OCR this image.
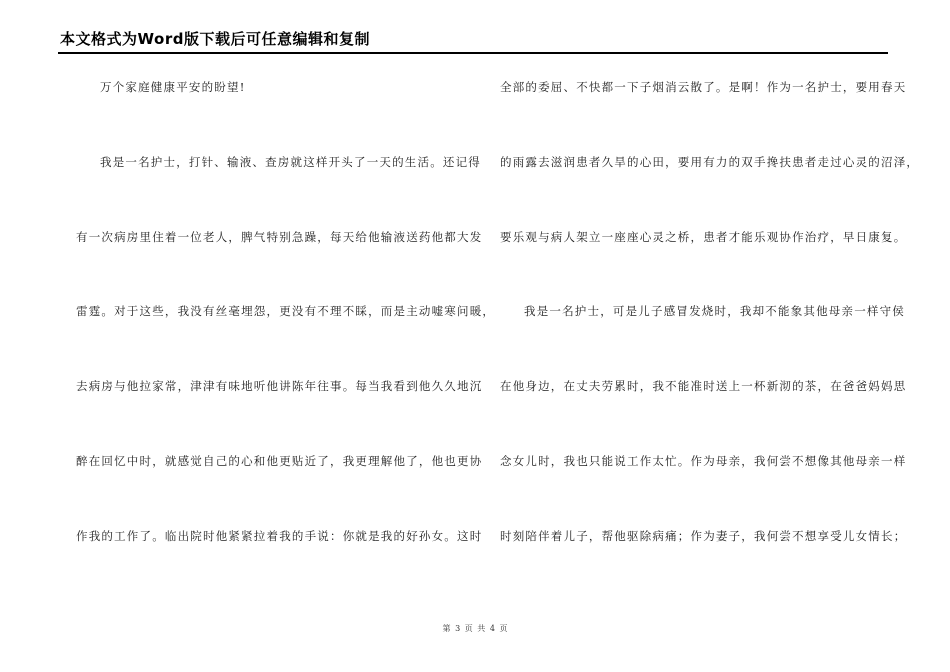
本文格式为Word版下载后可任意编辑和复制
万个家庭健康平安的盼望!
我是一名护士，打针、输液、查房就这样开头了一天的生活。还记得
有一次病房里住着一位老人，脾气特别急躁，每天给他输液送药他都大发
雷霆。对于这些，我没有丝毫埋怨，更没有不理不睬，而是主动嘘寒问暖，
去病房与他拉家常，津津有味地听他讲陈年往事。每当我看到他久久地沉
醉在回忆中时，就感觉自己的心和他更贴近了，我更理解他了，他也更协
作我的工作了。临出院时他紧紧拉着我的手说：你就是我的好孙女。这时
全部的委屈、不快都一下子烟消云散了。是啊！作为一名护士，要用春天
的雨露去滋润患者久旱的心田，要用有力的双手搀扶患者走过心灵的沼泽，
要乐观与病人架立一座座心灵之桥，患者才能乐观协作治疗，早日康复。
我是一名护士，可是儿子感冒发烧时，我却不能象其他母亲一样守侯
在他身边，在丈夫劳累时，我不能准时送上一杯新沏的茶，在爸爸妈妈思
念女儿时，我也只能说工作太忙。作为母亲，我何尝不想像其他母亲一样
时刻陪伴着儿子，帮他驱除病痛；作为妻子，我何尝不想享受儿女情长；
第 3 页 共 4 页
